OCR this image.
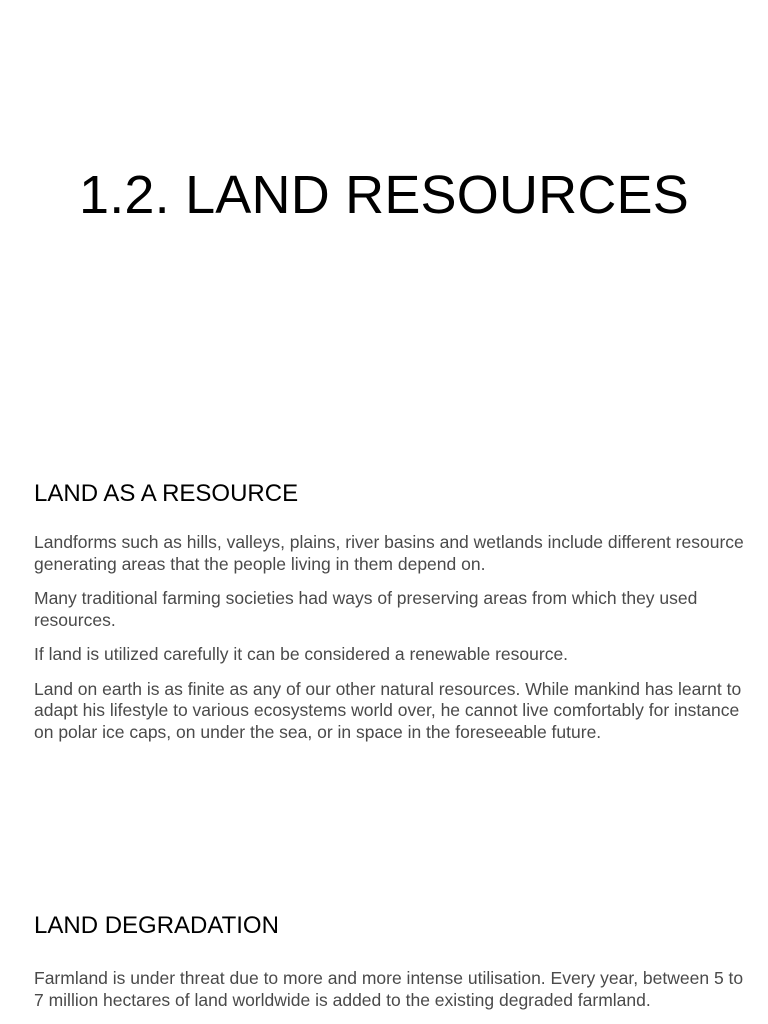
1.2. LAND RESOURCES
LAND AS A RESOURCE

Landforms such as hills, valleys, plains, river basins and wetlands include different resource generating areas that the people living in them depend on.

Many traditional farming societies had ways of preserving areas from which they used resources.

If land is utilized carefully it can be considered a renewable resource.

Land on earth is as finite as any of our other natural resources. While mankind has learnt to adapt his lifestyle to various ecosystems world over, he cannot live comfortably for instance on polar ice caps, on under the sea, or in space in the foreseeable future.

LAND DEGRADATION

Farmland is under threat due to more and more intense utilisation. Every year, between 5 to 7 million hectares of land worldwide is added to the existing degraded farmland.
